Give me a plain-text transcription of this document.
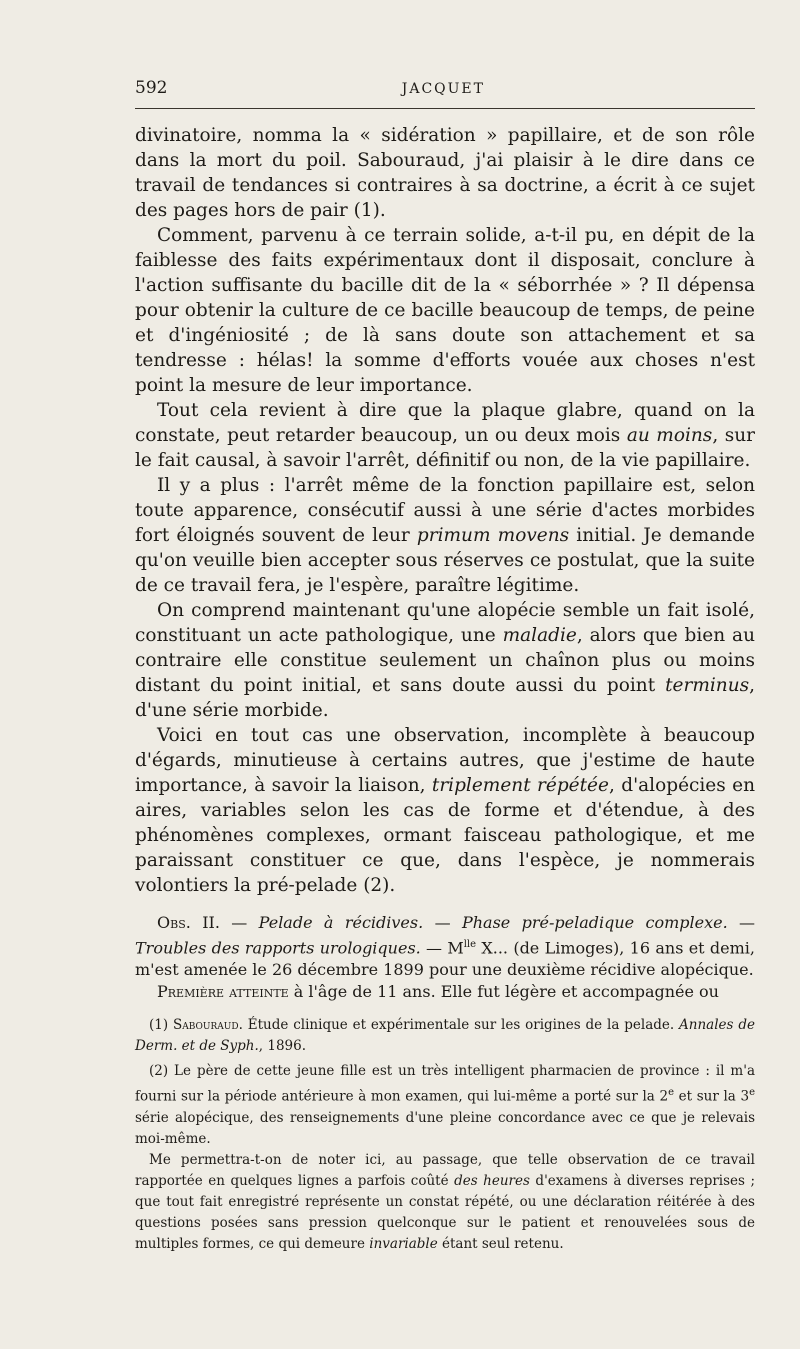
592	JACQUET

divinatoire, nomma la « sidération » papillaire, et de son rôle dans la mort du poil. Sabouraud, j'ai plaisir à le dire dans ce travail de tendances si contraires à sa doctrine, a écrit à ce sujet des pages hors de pair (1).

Comment, parvenu à ce terrain solide, a-t-il pu, en dépit de la faiblesse des faits expérimentaux dont il disposait, conclure à l'action suffisante du bacille dit de la « séborrhée » ? Il dépensa pour obtenir la culture de ce bacille beaucoup de temps, de peine et d'ingéniosité ; de là sans doute son attachement et sa tendresse : hélas! la somme d'efforts vouée aux choses n'est point la mesure de leur importance.

Tout cela revient à dire que la plaque glabre, quand on la constate, peut retarder beaucoup, un ou deux mois au moins, sur le fait causal, à savoir l'arrêt, définitif ou non, de la vie papillaire.

Il y a plus : l'arrêt même de la fonction papillaire est, selon toute apparence, consécutif aussi à une série d'actes morbides fort éloignés souvent de leur primum movens initial. Je demande qu'on veuille bien accepter sous réserves ce postulat, que la suite de ce travail fera, je l'espère, paraître légitime.

On comprend maintenant qu'une alopécie semble un fait isolé, constituant un acte pathologique, une maladie, alors que bien au contraire elle constitue seulement un chaînon plus ou moins distant du point initial, et sans doute aussi du point terminus, d'une série morbide.

Voici en tout cas une observation, incomplète à beaucoup d'égards, minutieuse à certains autres, que j'estime de haute importance, à savoir la liaison, triplement répétée, d'alopécies en aires, variables selon les cas de forme et d'étendue, à des phénomènes complexes, ormant faisceau pathologique, et me paraissant constituer ce que, dans l'espèce, je nommerais volontiers la pré-pelade (2).

Obs. II. — Pelade à récidives. — Phase pré-peladique complexe. — Troubles des rapports urologiques. — $M^{lle}$ X... (de Limoges), 16 ans et demi, m'est amenée le 26 décembre 1899 pour une deuxième récidive alopécique.

Première atteinte à l'âge de 11 ans. Elle fut légère et accompagnée ou

(1) Sabouraud. Étude clinique et expérimentale sur les origines de la pelade. Annales de Derm. et de Syph., 1896.

(2) Le père de cette jeune fille est un très intelligent pharmacien de province : il m'a fourni sur la période antérieure à mon examen, qui lui-même a porté sur la 2e et sur la 3e série alopécique, des renseignements d'une pleine concordance avec ce que je relevais moi-même.

Me permettra-t-on de noter ici, au passage, que telle observation de ce travail rapportée en quelques lignes a parfois coûté des heures d'examens à diverses reprises ; que tout fait enregistré représente un constat répété, ou une déclaration réitérée à des questions posées sans pression quelconque sur le patient et renouvelées sous de multiples formes, ce qui demeure invariable étant seul retenu.
